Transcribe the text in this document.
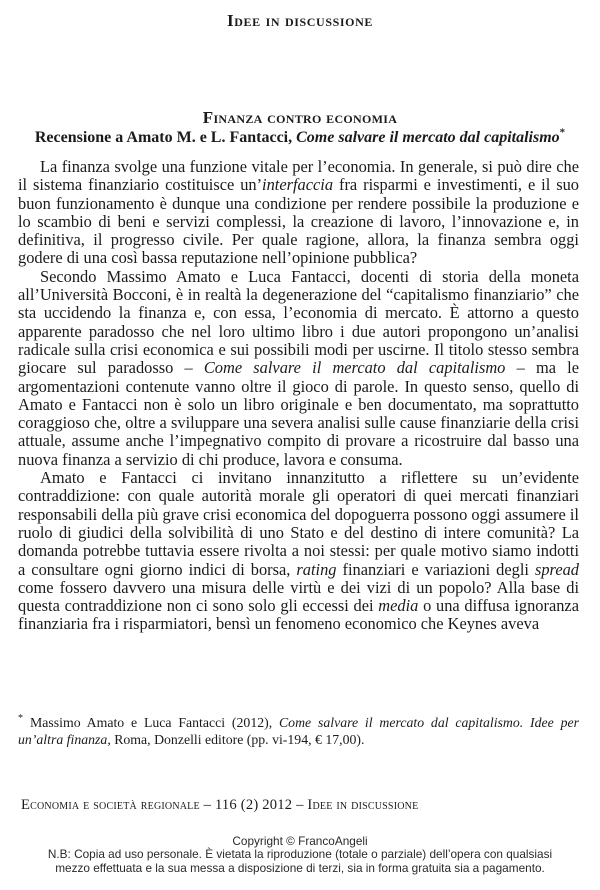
Idee in discussione
Finanza contro economia
Recensione a Amato M. e L. Fantacci, Come salvare il mercato dal capitalismo*

La finanza svolge una funzione vitale per l’economia. In generale, si può dire che il sistema finanziario costituisce un’interfaccia fra risparmi e investimenti, e il suo buon funzionamento è dunque una condizione per rendere possibile la produzione e lo scambio di beni e servizi complessi, la creazione di lavoro, l’innovazione e, in definitiva, il progresso civile. Per quale ragione, allora, la finanza sembra oggi godere di una così bassa reputazione nell’opinione pubblica?

Secondo Massimo Amato e Luca Fantacci, docenti di storia della moneta all’Università Bocconi, è in realtà la degenerazione del “capitalismo finanziario” che sta uccidendo la finanza e, con essa, l’economia di mercato. È attorno a questo apparente paradosso che nel loro ultimo libro i due autori propongono un’analisi radicale sulla crisi economica e sui possibili modi per uscirne. Il titolo stesso sembra giocare sul paradosso – Come salvare il mercato dal capitalismo – ma le argomentazioni contenute vanno oltre il gioco di parole. In questo senso, quello di Amato e Fantacci non è solo un libro originale e ben documentato, ma soprattutto coraggioso che, oltre a sviluppare una severa analisi sulle cause finanziarie della crisi attuale, assume anche l’impegnativo compito di provare a ricostruire dal basso una nuova finanza a servizio di chi produce, lavora e consuma.

Amato e Fantacci ci invitano innanzitutto a riflettere su un’evidente contraddizione: con quale autorità morale gli operatori di quei mercati finanziari responsabili della più grave crisi economica del dopoguerra possono oggi assumere il ruolo di giudici della solvibilità di uno Stato e del destino di intere comunità? La domanda potrebbe tuttavia essere rivolta a noi stessi: per quale motivo siamo indotti a consultare ogni giorno indici di borsa, rating finanziari e variazioni degli spread come fossero davvero una misura delle virtù e dei vizi di un popolo? Alla base di questa contraddizione non ci sono solo gli eccessi dei media o una diffusa ignoranza finanziaria fra i risparmiatori, bensì un fenomeno economico che Keynes aveva

* Massimo Amato e Luca Fantacci (2012), Come salvare il mercato dal capitalismo. Idee per un’altra finanza, Roma, Donzelli editore (pp. vi-194, € 17,00).
Economia e società regionale – 116 (2) 2012 – Idee in discussione
Copyright © FrancoAngeli
N.B: Copia ad uso personale. È vietata la riproduzione (totale o parziale) dell’opera con qualsiasi
mezzo effettuata e la sua messa a disposizione di terzi, sia in forma gratuita sia a pagamento.
